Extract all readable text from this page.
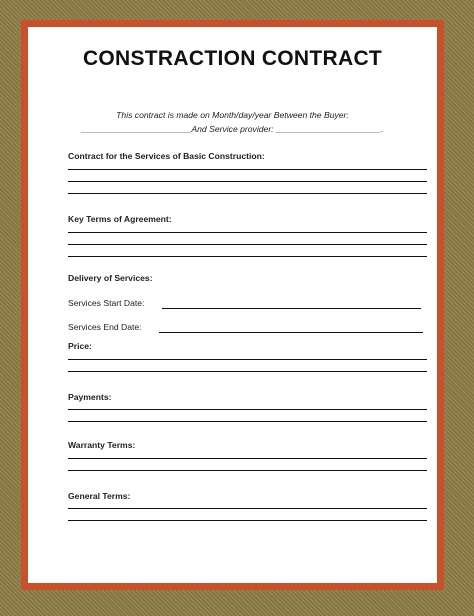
CONSTRACTION CONTRACT
This contract is made on Month/day/year Between the Buyer:
_______________________And Service provider: ______________________.
Contract for the Services of Basic Construction:
Key Terms of Agreement:
Delivery of Services:
Services Start Date:
Services End Date:
Price:
Payments:
Warranty Terms:
General Terms:
